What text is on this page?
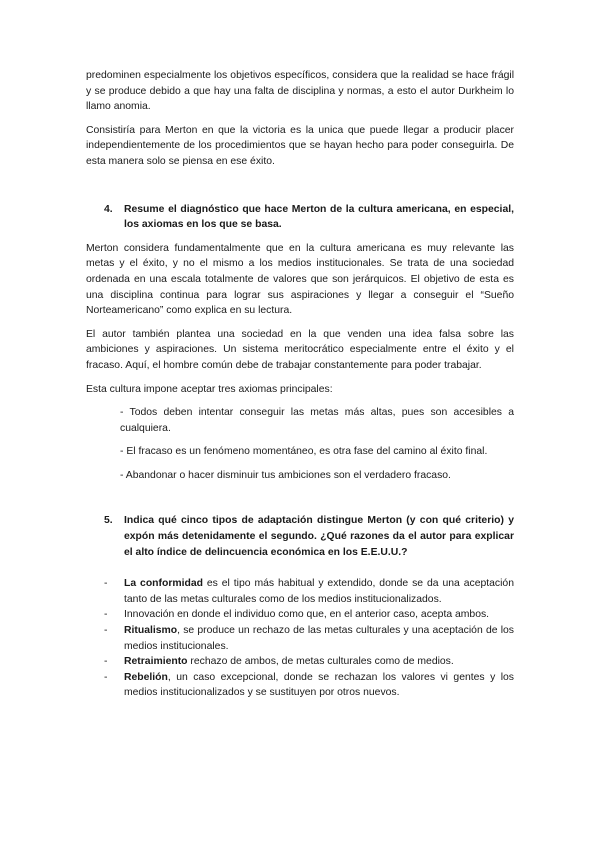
predominen especialmente los objetivos específicos, considera que la realidad se hace frágil y se produce debido a que hay una falta de disciplina y normas, a esto el autor Durkheim lo llamo anomia.

Consistiría para Merton en que la victoria es la unica que puede llegar a producir placer independientemente de los procedimientos que se hayan hecho para poder conseguirla. De esta manera solo se piensa en ese éxito.

4.	Resume el diagnóstico que hace Merton de la cultura americana, en especial, los axiomas en los que se basa.

Merton considera fundamentalmente que en la cultura americana es muy relevante las metas y el éxito, y no el mismo a los medios institucionales. Se trata de una sociedad ordenada en una escala totalmente de valores que son jerárquicos. El objetivo de esta es una disciplina continua para lograr sus aspiraciones y llegar a conseguir el “Sueño Norteamericano” como explica en su lectura.

El autor también plantea una sociedad en la que venden una idea falsa sobre las ambiciones y aspiraciones. Un sistema meritocrático especialmente entre el éxito y el fracaso. Aquí, el hombre común debe de trabajar constantemente para poder trabajar.

Esta cultura impone aceptar tres axiomas principales:

- Todos deben intentar conseguir las metas más altas, pues son accesibles a cualquiera.

- El fracaso es un fenómeno momentáneo, es otra fase del camino al éxito final.

- Abandonar o hacer disminuir tus ambiciones son el verdadero fracaso.

5.	Indica qué cinco tipos de adaptación distingue Merton (y con qué criterio) y expón más detenidamente el segundo. ¿Qué razones da el autor para explicar el alto índice de delincuencia económica en los E.E.U.U.?
-	La conformidad es el tipo más habitual y extendido, donde se da una aceptación tanto de las metas culturales como de los medios institucionalizados.
-	Innovación en donde el individuo como que, en el anterior caso, acepta ambos.
-	Ritualismo, se produce un rechazo de las metas culturales y una aceptación de los medios institucionales.
-	Retraimiento rechazo de ambos, de metas culturales como de medios.
-	Rebelión, un caso excepcional, donde se rechazan los valores vi gentes y los medios institucionalizados y se sustituyen por otros nuevos.
